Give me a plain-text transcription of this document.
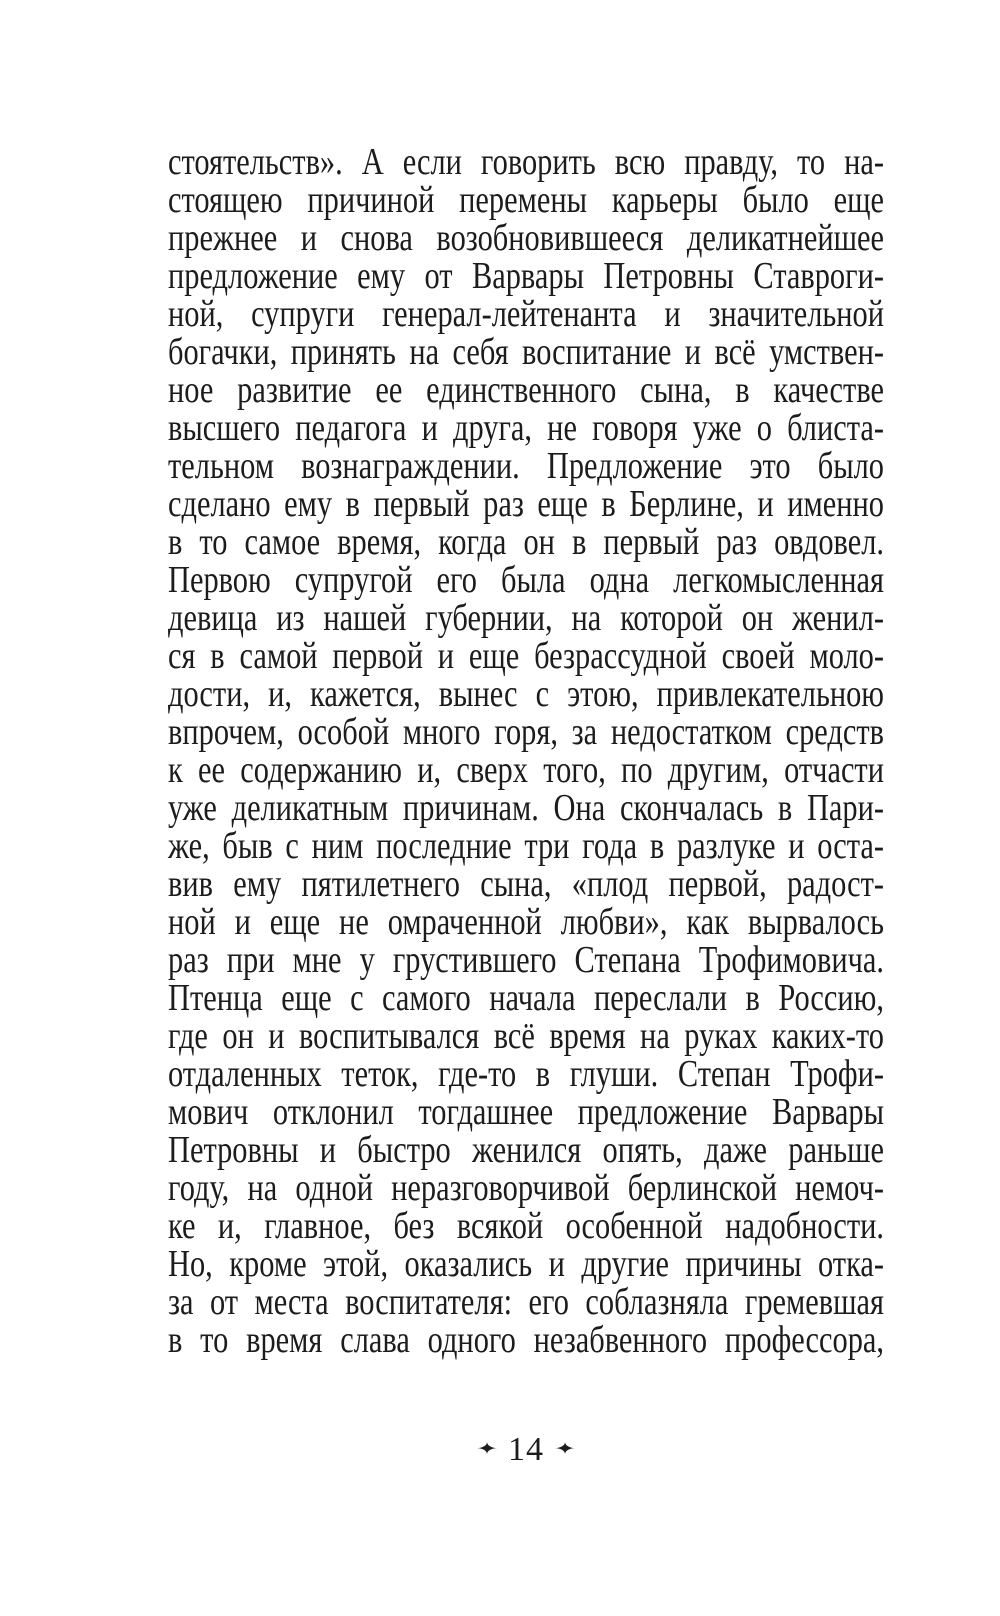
стоятельств». А если говорить всю правду, то на-
стоящею причиной перемены карьеры было еще
прежнее и снова возобновившееся деликатнейшее
предложение ему от Варвары Петровны Ставроги-
ной, супруги генерал-лейтенанта и значительной
богачки, принять на себя воспитание и всё умствен-
ное развитие ее единственного сына, в качестве
высшего педагога и друга, не говоря уже о блиста-
тельном вознаграждении. Предложение это было
сделано ему в первый раз еще в Берлине, и именно
в то самое время, когда он в первый раз овдовел.
Первою супругой его была одна легкомысленная
девица из нашей губернии, на которой он женил-
ся в самой первой и еще безрассудной своей моло-
дости, и, кажется, вынес с этою, привлекательною
впрочем, особой много горя, за недостатком средств
к ее содержанию и, сверх того, по другим, отчасти
уже деликатным причинам. Она скончалась в Пари-
же, быв с ним последние три года в разлуке и оста-
вив ему пятилетнего сына, «плод первой, радост-
ной и еще не омраченной любви», как вырвалось
раз при мне у грустившего Степана Трофимовича.
Птенца еще с самого начала переслали в Россию,
где он и воспитывался всё время на руках каких-то
отдаленных теток, где-то в глуши. Степан Трофи-
мович отклонил тогдашнее предложение Варвары
Петровны и быстро женился опять, даже раньше
году, на одной неразговорчивой берлинской немоч-
ке и, главное, без всякой особенной надобности.
Но, кроме этой, оказались и другие причины отка-
за от места воспитателя: его соблазняла гремевшая
в то время слава одного незабвенного профессора,
✦ 14 ✦
